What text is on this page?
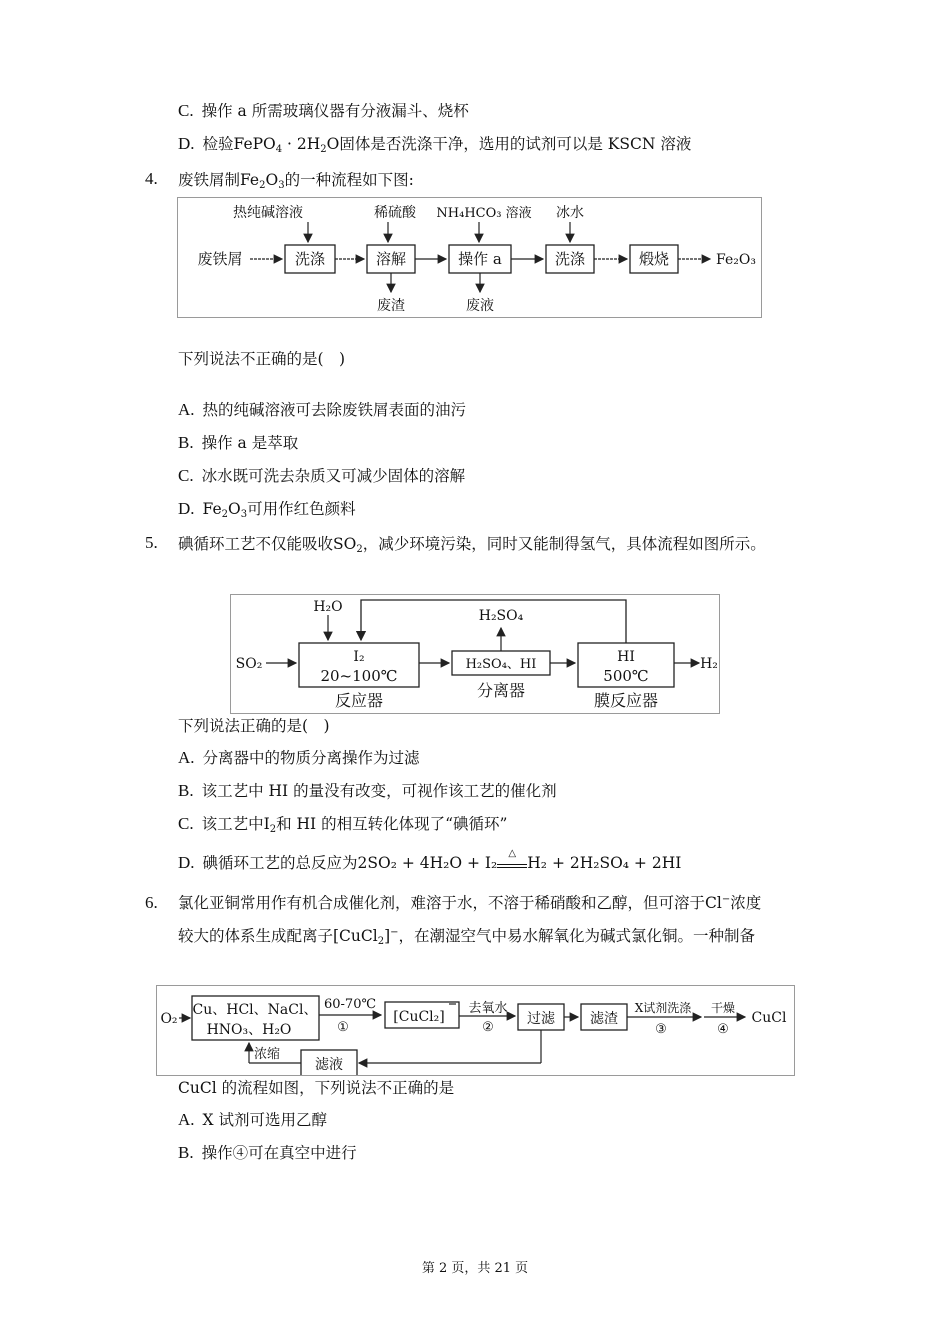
C. 操作 a 所需玻璃仪器有分液漏斗、烧杯
D. 检验FePO$_4$ · $2H_2O$固体是否洗涤干净，选用的试剂可以是 KSCN 溶液
4. 废铁屑制$Fe_2O_3$的一种流程如下图:
热纯碱溶液	稀硫酸 NH₄HCO₃ 溶液 冰水
废铁屑	洗涤	溶解	操作 a	洗涤	煅烧	Fe₂O₃
废渣	废液
下列说法不正确的是(　)
A. 热的纯碱溶液可去除废铁屑表面的油污
B. 操作 a 是萃取
C. 冰水既可洗去杂质又可减少固体的溶解
D. $Fe_2O_3$可用作红色颜料
5. 碘循环工艺不仅能吸收$SO_2$，减少环境污染，同时又能制得氢气，具体流程如图所示。
H₂O
SO₂	I₂
20~100℃
反应器
H₂SO₄
H₂SO₄、HI
分离器
HI
500℃
膜反应器
H₂
下列说法正确的是(　)
A. 分离器中的物质分离操作为过滤
B. 该工艺中 HI 的量没有改变，可视作该工艺的催化剂
C. 该工艺中$I_2$和 HI 的相互转化体现了“碘循环”
D. 碘循环工艺的总反应为2SO₂ + 4H₂O + I₂
△
H₂ + 2H₂SO₄ + 2HI
6. 氯化亚铜常用作有机合成催化剂，难溶于水，不溶于稀硝酸和乙醇，但可溶于Cl−浓度
较大的体系生成配离子[CuCl$_2$]−，在潮湿空气中易水解氧化为碱式氯化铜。一种制备
O₂
Cu、HCl、NaCl、
HNO₃、H₂O
60-70℃
①
[CuCl₂]
去氧水
②
过滤	滤渣
X试剂洗涤
③
干燥
④
CuCl
滤液
浓缩
CuCl 的流程如图，下列说法不正确的是
A. X 试剂可选用乙醇
B. 操作④可在真空中进行
第 2 页，共 21 页
